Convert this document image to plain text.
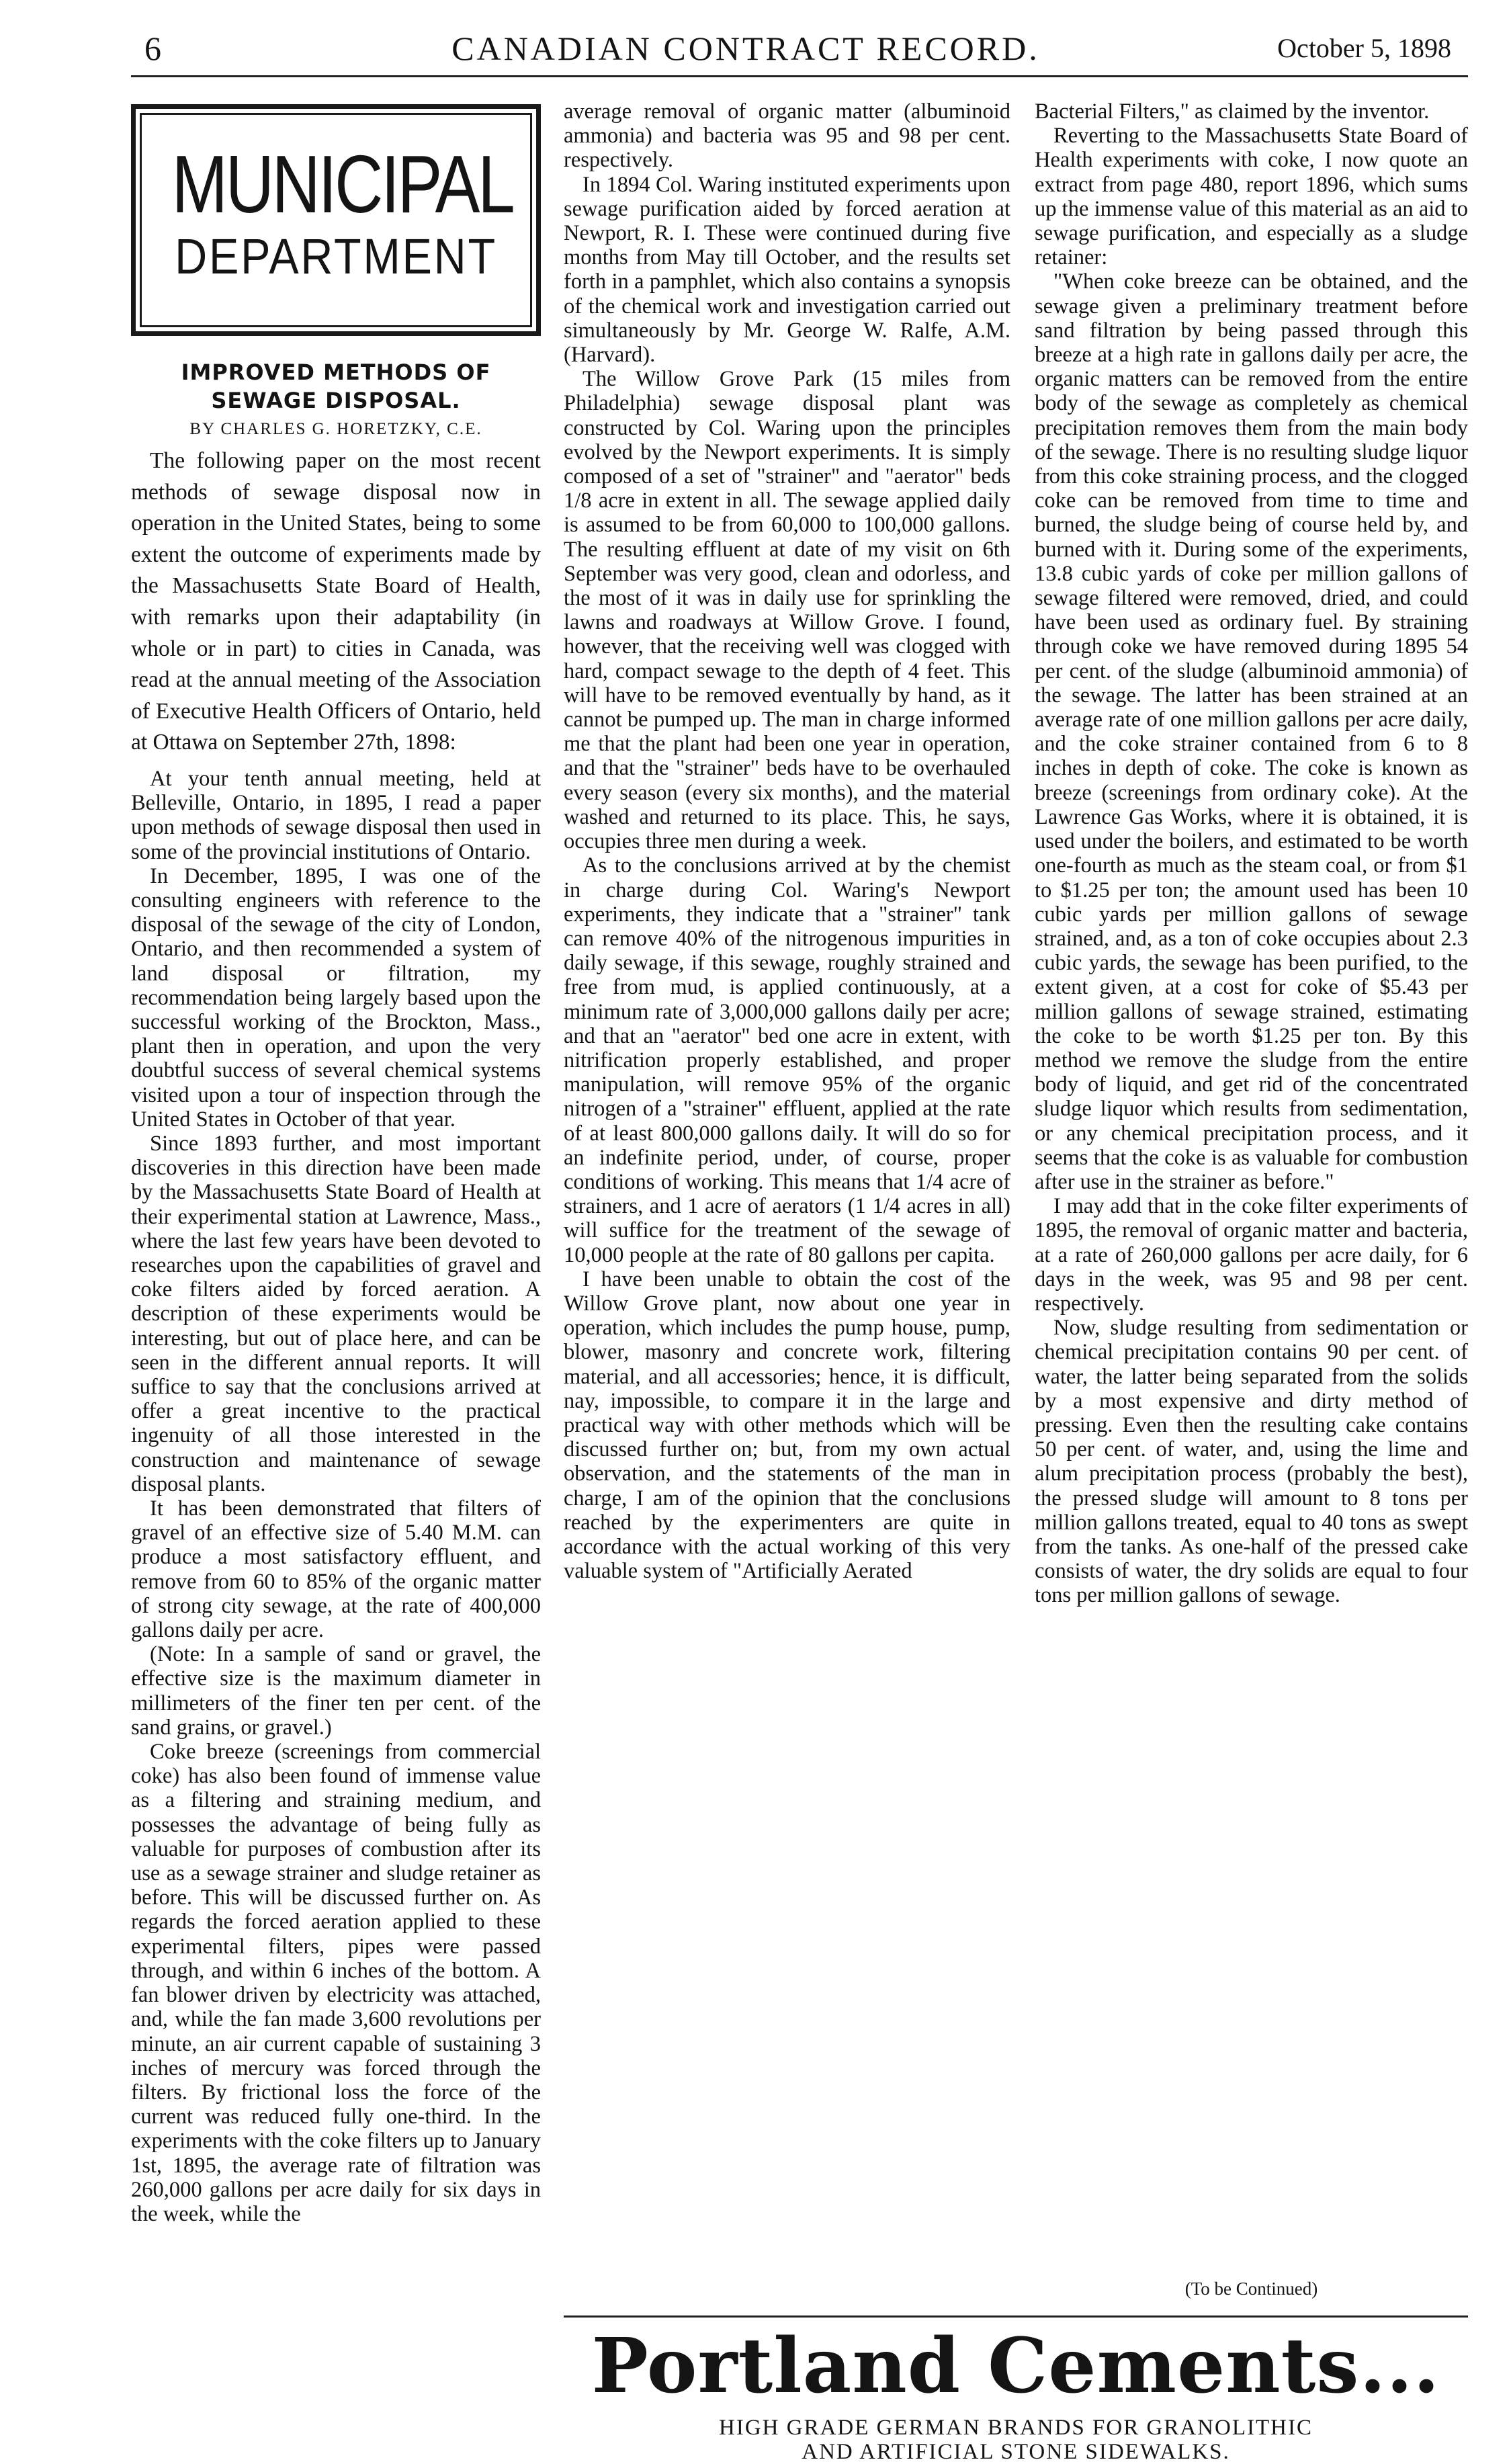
6	CANADIAN CONTRACT RECORD.	October 5, 1898
MUNICIPAL
DEPARTMENT
IMPROVED METHODS OF SEWAGE DISPOSAL.
BY CHARLES G. HORETZKY, C.E.

The following paper on the most recent methods of sewage disposal now in operation in the United States, being to some extent the outcome of experiments made by the Massachusetts State Board of Health, with remarks upon their adaptability (in whole or in part) to cities in Canada, was read at the annual meeting of the Association of Executive Health Officers of Ontario, held at Ottawa on September 27th, 1898:

At your tenth annual meeting, held at Belleville, Ontario, in 1895, I read a paper upon methods of sewage disposal then used in some of the provincial institutions of Ontario.

In December, 1895, I was one of the consulting engineers with reference to the disposal of the sewage of the city of London, Ontario, and then recommended a system of land disposal or filtration, my recommendation being largely based upon the successful working of the Brockton, Mass., plant then in operation, and upon the very doubtful success of several chemical systems visited upon a tour of inspection through the United States in October of that year.

Since 1893 further, and most important discoveries in this direction have been made by the Massachusetts State Board of Health at their experimental station at Lawrence, Mass., where the last few years have been devoted to researches upon the capabilities of gravel and coke filters aided by forced aeration. A description of these experiments would be interesting, but out of place here, and can be seen in the different annual reports. It will suffice to say that the conclusions arrived at offer a great incentive to the practical ingenuity of all those interested in the construction and maintenance of sewage disposal plants.

It has been demonstrated that filters of gravel of an effective size of 5.40 M.M. can produce a most satisfactory effluent, and remove from 60 to 85% of the organic matter of strong city sewage, at the rate of 400,000 gallons daily per acre.

(Note: In a sample of sand or gravel, the effective size is the maximum diameter in millimeters of the finer ten per cent. of the sand grains, or gravel.)

Coke breeze (screenings from commercial coke) has also been found of immense value as a filtering and straining medium, and possesses the advantage of being fully as valuable for purposes of combustion after its use as a sewage strainer and sludge retainer as before. This will be discussed further on. As regards the forced aeration applied to these experimental filters, pipes were passed through, and within 6 inches of the bottom. A fan blower driven by electricity was attached, and, while the fan made 3,600 revolutions per minute, an air current capable of sustaining 3 inches of mercury was forced through the filters. By frictional loss the force of the current was reduced fully one-third. In the experiments with the coke filters up to January 1st, 1895, the average rate of filtration was 260,000 gallons per acre daily for six days in the week, while the

average removal of organic matter (albuminoid ammonia) and bacteria was 95 and 98 per cent. respectively.

In 1894 Col. Waring instituted experiments upon sewage purification aided by forced aeration at Newport, R. I. These were continued during five months from May till October, and the results set forth in a pamphlet, which also contains a synopsis of the chemical work and investigation carried out simultaneously by Mr. George W. Ralfe, A.M. (Harvard).

The Willow Grove Park (15 miles from Philadelphia) sewage disposal plant was constructed by Col. Waring upon the principles evolved by the Newport experiments. It is simply composed of a set of "strainer" and "aerator" beds 1/8 acre in extent in all. The sewage applied daily is assumed to be from 60,000 to 100,000 gallons. The resulting effluent at date of my visit on 6th September was very good, clean and odorless, and the most of it was in daily use for sprinkling the lawns and roadways at Willow Grove. I found, however, that the receiving well was clogged with hard, compact sewage to the depth of 4 feet. This will have to be removed eventually by hand, as it cannot be pumped up. The man in charge informed me that the plant had been one year in operation, and that the "strainer" beds have to be overhauled every season (every six months), and the material washed and returned to its place. This, he says, occupies three men during a week.

As to the conclusions arrived at by the chemist in charge during Col. Waring's Newport experiments, they indicate that a "strainer" tank can remove 40% of the nitrogenous impurities in daily sewage, if this sewage, roughly strained and free from mud, is applied continuously, at a minimum rate of 3,000,000 gallons daily per acre; and that an "aerator" bed one acre in extent, with nitrification properly established, and proper manipulation, will remove 95% of the organic nitrogen of a "strainer" effluent, applied at the rate of at least 800,000 gallons daily. It will do so for an indefinite period, under, of course, proper conditions of working. This means that 1/4 acre of strainers, and 1 acre of aerators (1 1/4 acres in all) will suffice for the treatment of the sewage of 10,000 people at the rate of 80 gallons per capita.

I have been unable to obtain the cost of the Willow Grove plant, now about one year in operation, which includes the pump house, pump, blower, masonry and concrete work, filtering material, and all accessories; hence, it is difficult, nay, impossible, to compare it in the large and practical way with other methods which will be discussed further on; but, from my own actual observation, and the statements of the man in charge, I am of the opinion that the conclusions reached by the experimenters are quite in accordance with the actual working of this very valuable system of "Artificially Aerated

Bacterial Filters," as claimed by the inventor.

Reverting to the Massachusetts State Board of Health experiments with coke, I now quote an extract from page 480, report 1896, which sums up the immense value of this material as an aid to sewage purification, and especially as a sludge retainer:

"When coke breeze can be obtained, and the sewage given a preliminary treatment before sand filtration by being passed through this breeze at a high rate in gallons daily per acre, the organic matters can be removed from the entire body of the sewage as completely as chemical precipitation removes them from the main body of the sewage. There is no resulting sludge liquor from this coke straining process, and the clogged coke can be removed from time to time and burned, the sludge being of course held by, and burned with it. During some of the experiments, 13.8 cubic yards of coke per million gallons of sewage filtered were removed, dried, and could have been used as ordinary fuel. By straining through coke we have removed during 1895 54 per cent. of the sludge (albuminoid ammonia) of the sewage. The latter has been strained at an average rate of one million gallons per acre daily, and the coke strainer contained from 6 to 8 inches in depth of coke. The coke is known as breeze (screenings from ordinary coke). At the Lawrence Gas Works, where it is obtained, it is used under the boilers, and estimated to be worth one-fourth as much as the steam coal, or from $1 to $1.25 per ton; the amount used has been 10 cubic yards per million gallons of sewage strained, and, as a ton of coke occupies about 2.3 cubic yards, the sewage has been purified, to the extent given, at a cost for coke of $5.43 per million gallons of sewage strained, estimating the coke to be worth $1.25 per ton. By this method we remove the sludge from the entire body of liquid, and get rid of the concentrated sludge liquor which results from sedimentation, or any chemical precipitation process, and it seems that the coke is as valuable for combustion after use in the strainer as before."

I may add that in the coke filter experiments of 1895, the removal of organic matter and bacteria, at a rate of 260,000 gallons per acre daily, for 6 days in the week, was 95 and 98 per cent. respectively.

Now, sludge resulting from sedimentation or chemical precipitation contains 90 per cent. of water, the latter being separated from the solids by a most expensive and dirty method of pressing. Even then the resulting cake contains 50 per cent. of water, and, using the lime and alum precipitation process (probably the best), the pressed sludge will amount to 8 tons per million gallons treated, equal to 40 tons as swept from the tanks. As one-half of the pressed cake consists of water, the dry solids are equal to four tons per million gallons of sewage.

(To be Continued)
Portland Cements...
HIGH GRADE GERMAN BRANDS FOR GRANOLITHIC
AND ARTIFICIAL STONE SIDEWALKS.
